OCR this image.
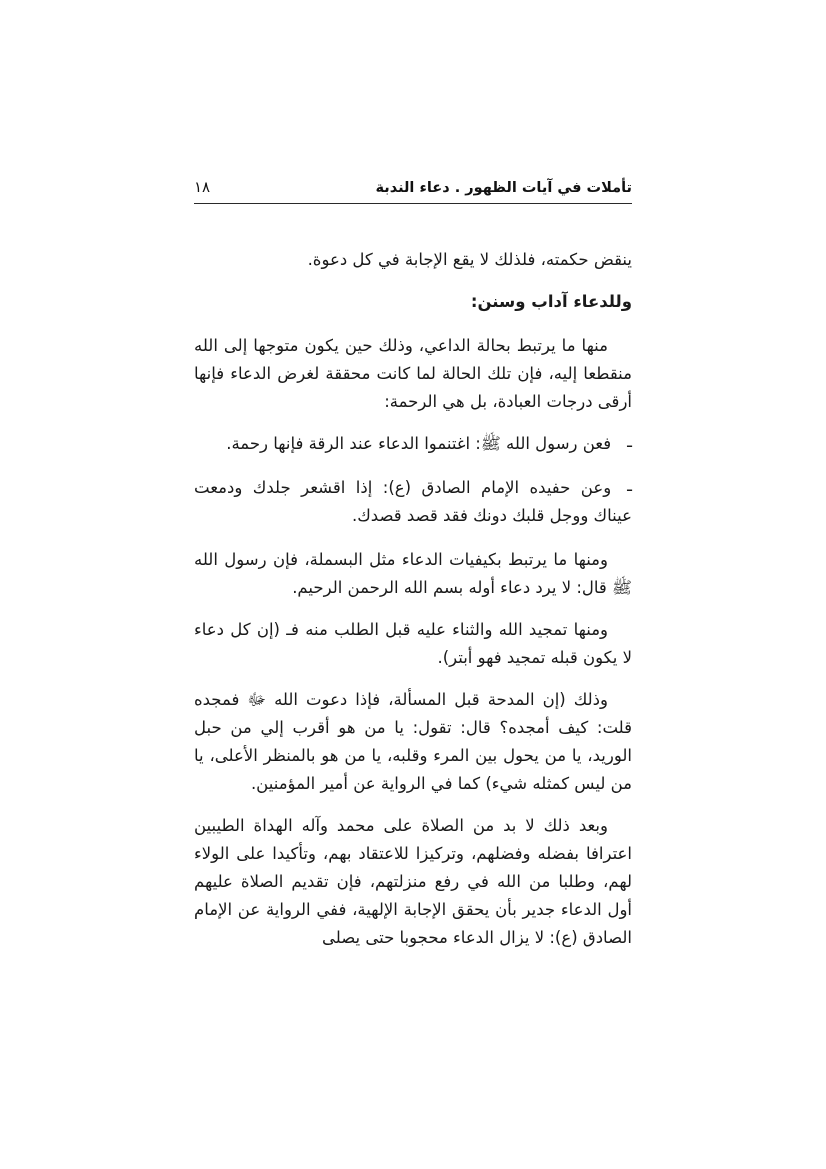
تأملات في آيات الظهور . دعاء الندبة
١٨

ينقض حكمته، فلذلك لا يقع الإجابة في كل دعوة.

وللدعاء آداب وسنن:

منها ما يرتبط بحالة الداعي، وذلك حين يكون متوجها إلى الله منقطعا إليه، فإن تلك الحالة لما كانت محققة لغرض الدعاء فإنها أرقى درجات العبادة، بل هي الرحمة:

ـفعن رسول الله ﷺ: اغتنموا الدعاء عند الرقة فإنها رحمة.

ـوعن حفيده الإمام الصادق (ع): إذا اقشعر جلدك ودمعت عيناك ووجل قلبك دونك فقد قصد قصدك.

ومنها ما يرتبط بكيفيات الدعاء مثل البسملة، فإن رسول الله ﷺ قال: لا يرد دعاء أوله بسم الله الرحمن الرحيم.

ومنها تمجيد الله والثناء عليه قبل الطلب منه فـ (إن كل دعاء لا يكون قبله تمجيد فهو أبتر).

وذلك (إن المدحة قبل المسألة، فإذا دعوت الله ﷻ فمجده قلت: كيف أمجده؟ قال: تقول: يا من هو أقرب إلي من حبل الوريد، يا من يحول بين المرء وقلبه، يا من هو بالمنظر الأعلى، يا من ليس كمثله شيء) كما في الرواية عن أمير المؤمنين.

وبعد ذلك لا بد من الصلاة على محمد وآله الهداة الطيبين اعترافا بفضله وفضلهم، وتركيزا للاعتقاد بهم، وتأكيدا على الولاء لهم، وطلبا من الله في رفع منزلتهم، فإن تقديم الصلاة عليهم أول الدعاء جدير بأن يحقق الإجابة الإلهية، ففي الرواية عن الإمام الصادق (ع): لا يزال الدعاء محجوبا حتى يصلى
